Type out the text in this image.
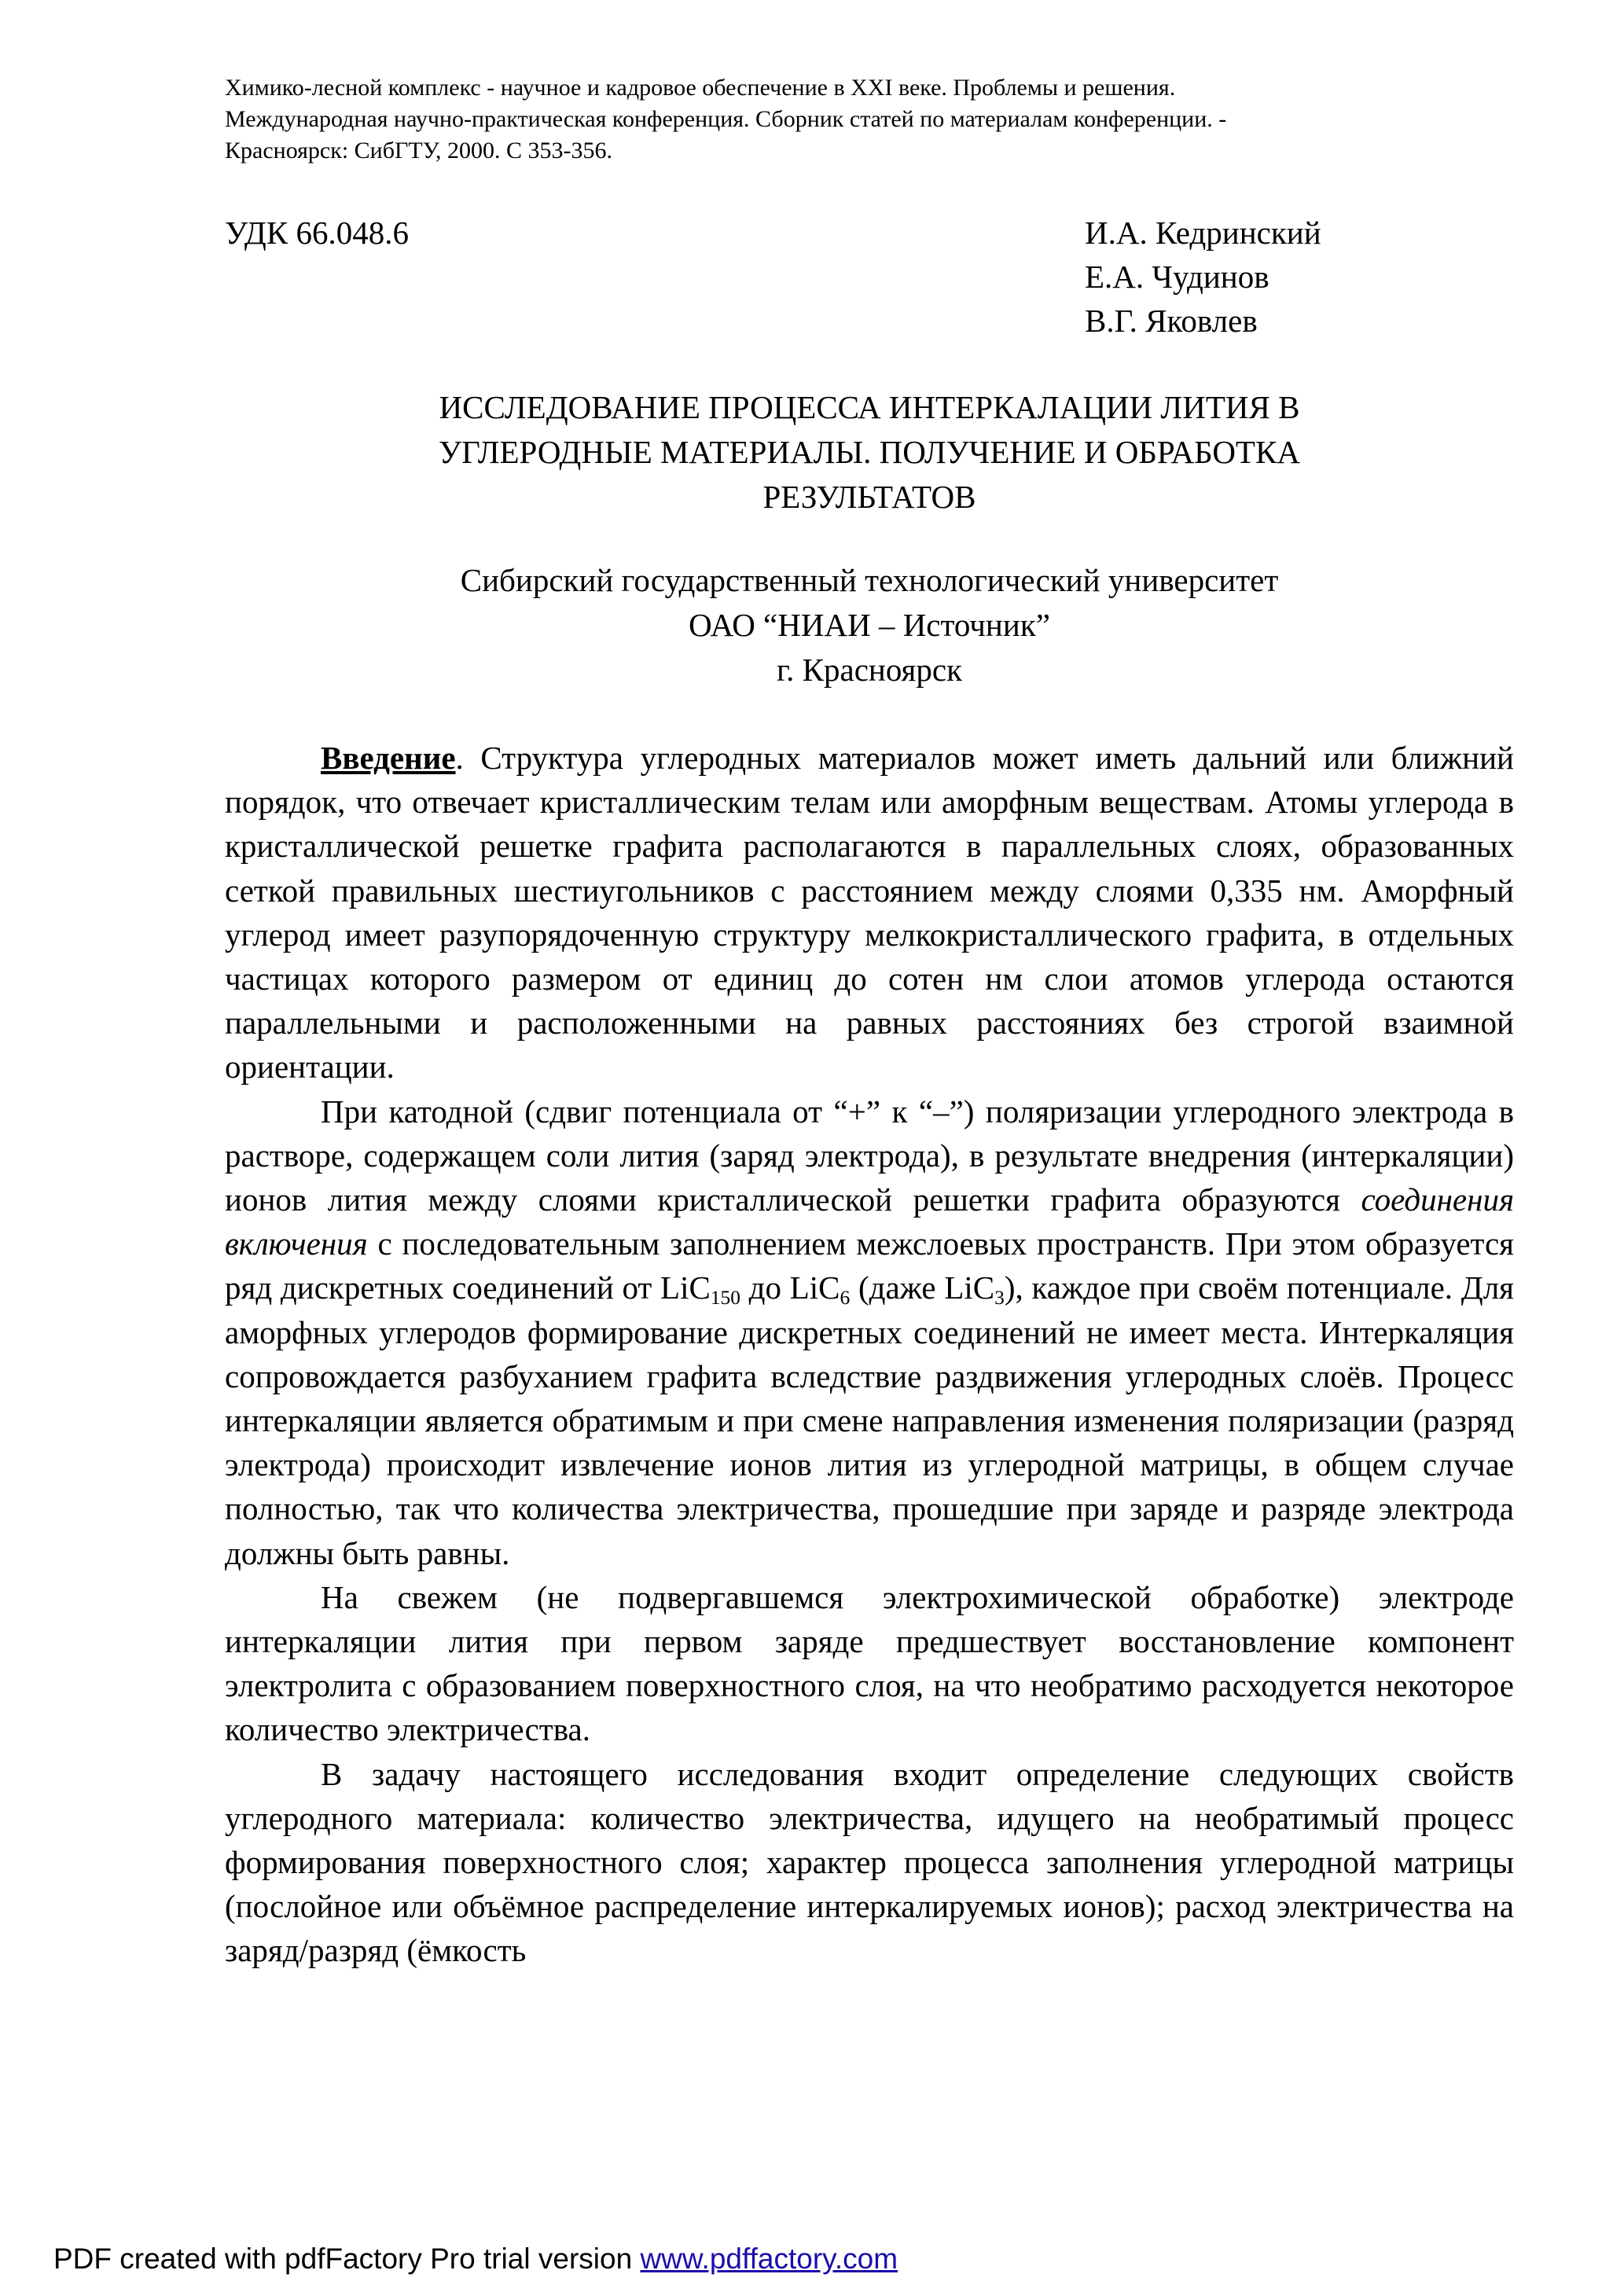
Химико-лесной комплекс - научное и кадровое обеспечение в XXI веке. Проблемы и решения.
Международная научно-практическая конференция. Сборник статей по материалам конференции. -
Красноярск: СибГТУ, 2000. С 353-356.
УДК 66.048.6	И.А. Кедринский
Е.А. Чудинов
В.Г. Яковлев
ИССЛЕДОВАНИЕ ПРОЦЕССА ИНТЕРКАЛАЦИИ ЛИТИЯ В
УГЛЕРОДНЫЕ МАТЕРИАЛЫ. ПОЛУЧЕНИЕ И ОБРАБОТКА
РЕЗУЛЬТАТОВ
Сибирский государственный технологический университет
ОАО “НИАИ – Источник”
г. Красноярск

Введение. Структура углеродных материалов может иметь дальний или ближний порядок, что отвечает кристаллическим телам или аморфным веществам. Атомы углерода в кристаллической решетке графита располагаются в параллельных слоях, образованных сеткой правильных шестиугольников с расстоянием между слоями 0,335 нм. Аморфный углерод имеет разупорядоченную структуру мелкокристаллического графита, в отдельных частицах которого размером от единиц до сотен нм слои атомов углерода остаются параллельными и расположенными на равных расстояниях без строгой взаимной ориентации.

При катодной (сдвиг потенциала от “+” к “–”) поляризации углеродного электрода в растворе, содержащем соли лития (заряд электрода), в результате внедрения (интеркаляции) ионов лития между слоями кристаллической решетки графита образуются соединения включения с последовательным заполнением межслоевых пространств. При этом образуется ряд дискретных соединений от LiC$_{150}$ до LiC$_6$ (даже LiC$_3$), каждое при своём потенциале. Для аморфных углеродов формирование дискретных соединений не имеет места. Интеркаляция сопровождается разбуханием графита вследствие раздвижения углеродных слоёв. Процесс интеркаляции является обратимым и при смене направления изменения поляризации (разряд электрода) происходит извлечение ионов лития из углеродной матрицы, в общем случае полностью, так что количества электричества, прошедшие при заряде и разряде электрода должны быть равны.

На свежем (не подвергавшемся электрохимической обработке) электроде интеркаляции лития при первом заряде предшествует восстановление компонент электролита с образованием поверхностного слоя, на что необратимо расходуется некоторое количество электричества.

В задачу настоящего исследования входит определение следующих свойств углеродного материала: количество электричества, идущего на необратимый процесс формирования поверхностного слоя; характер процесса заполнения углеродной матрицы (послойное или объёмное распределение интеркалируемых ионов); расход электричества на заряд/разряд (ёмкость

PDF created with pdfFactory Pro trial version www.pdffactory.com
